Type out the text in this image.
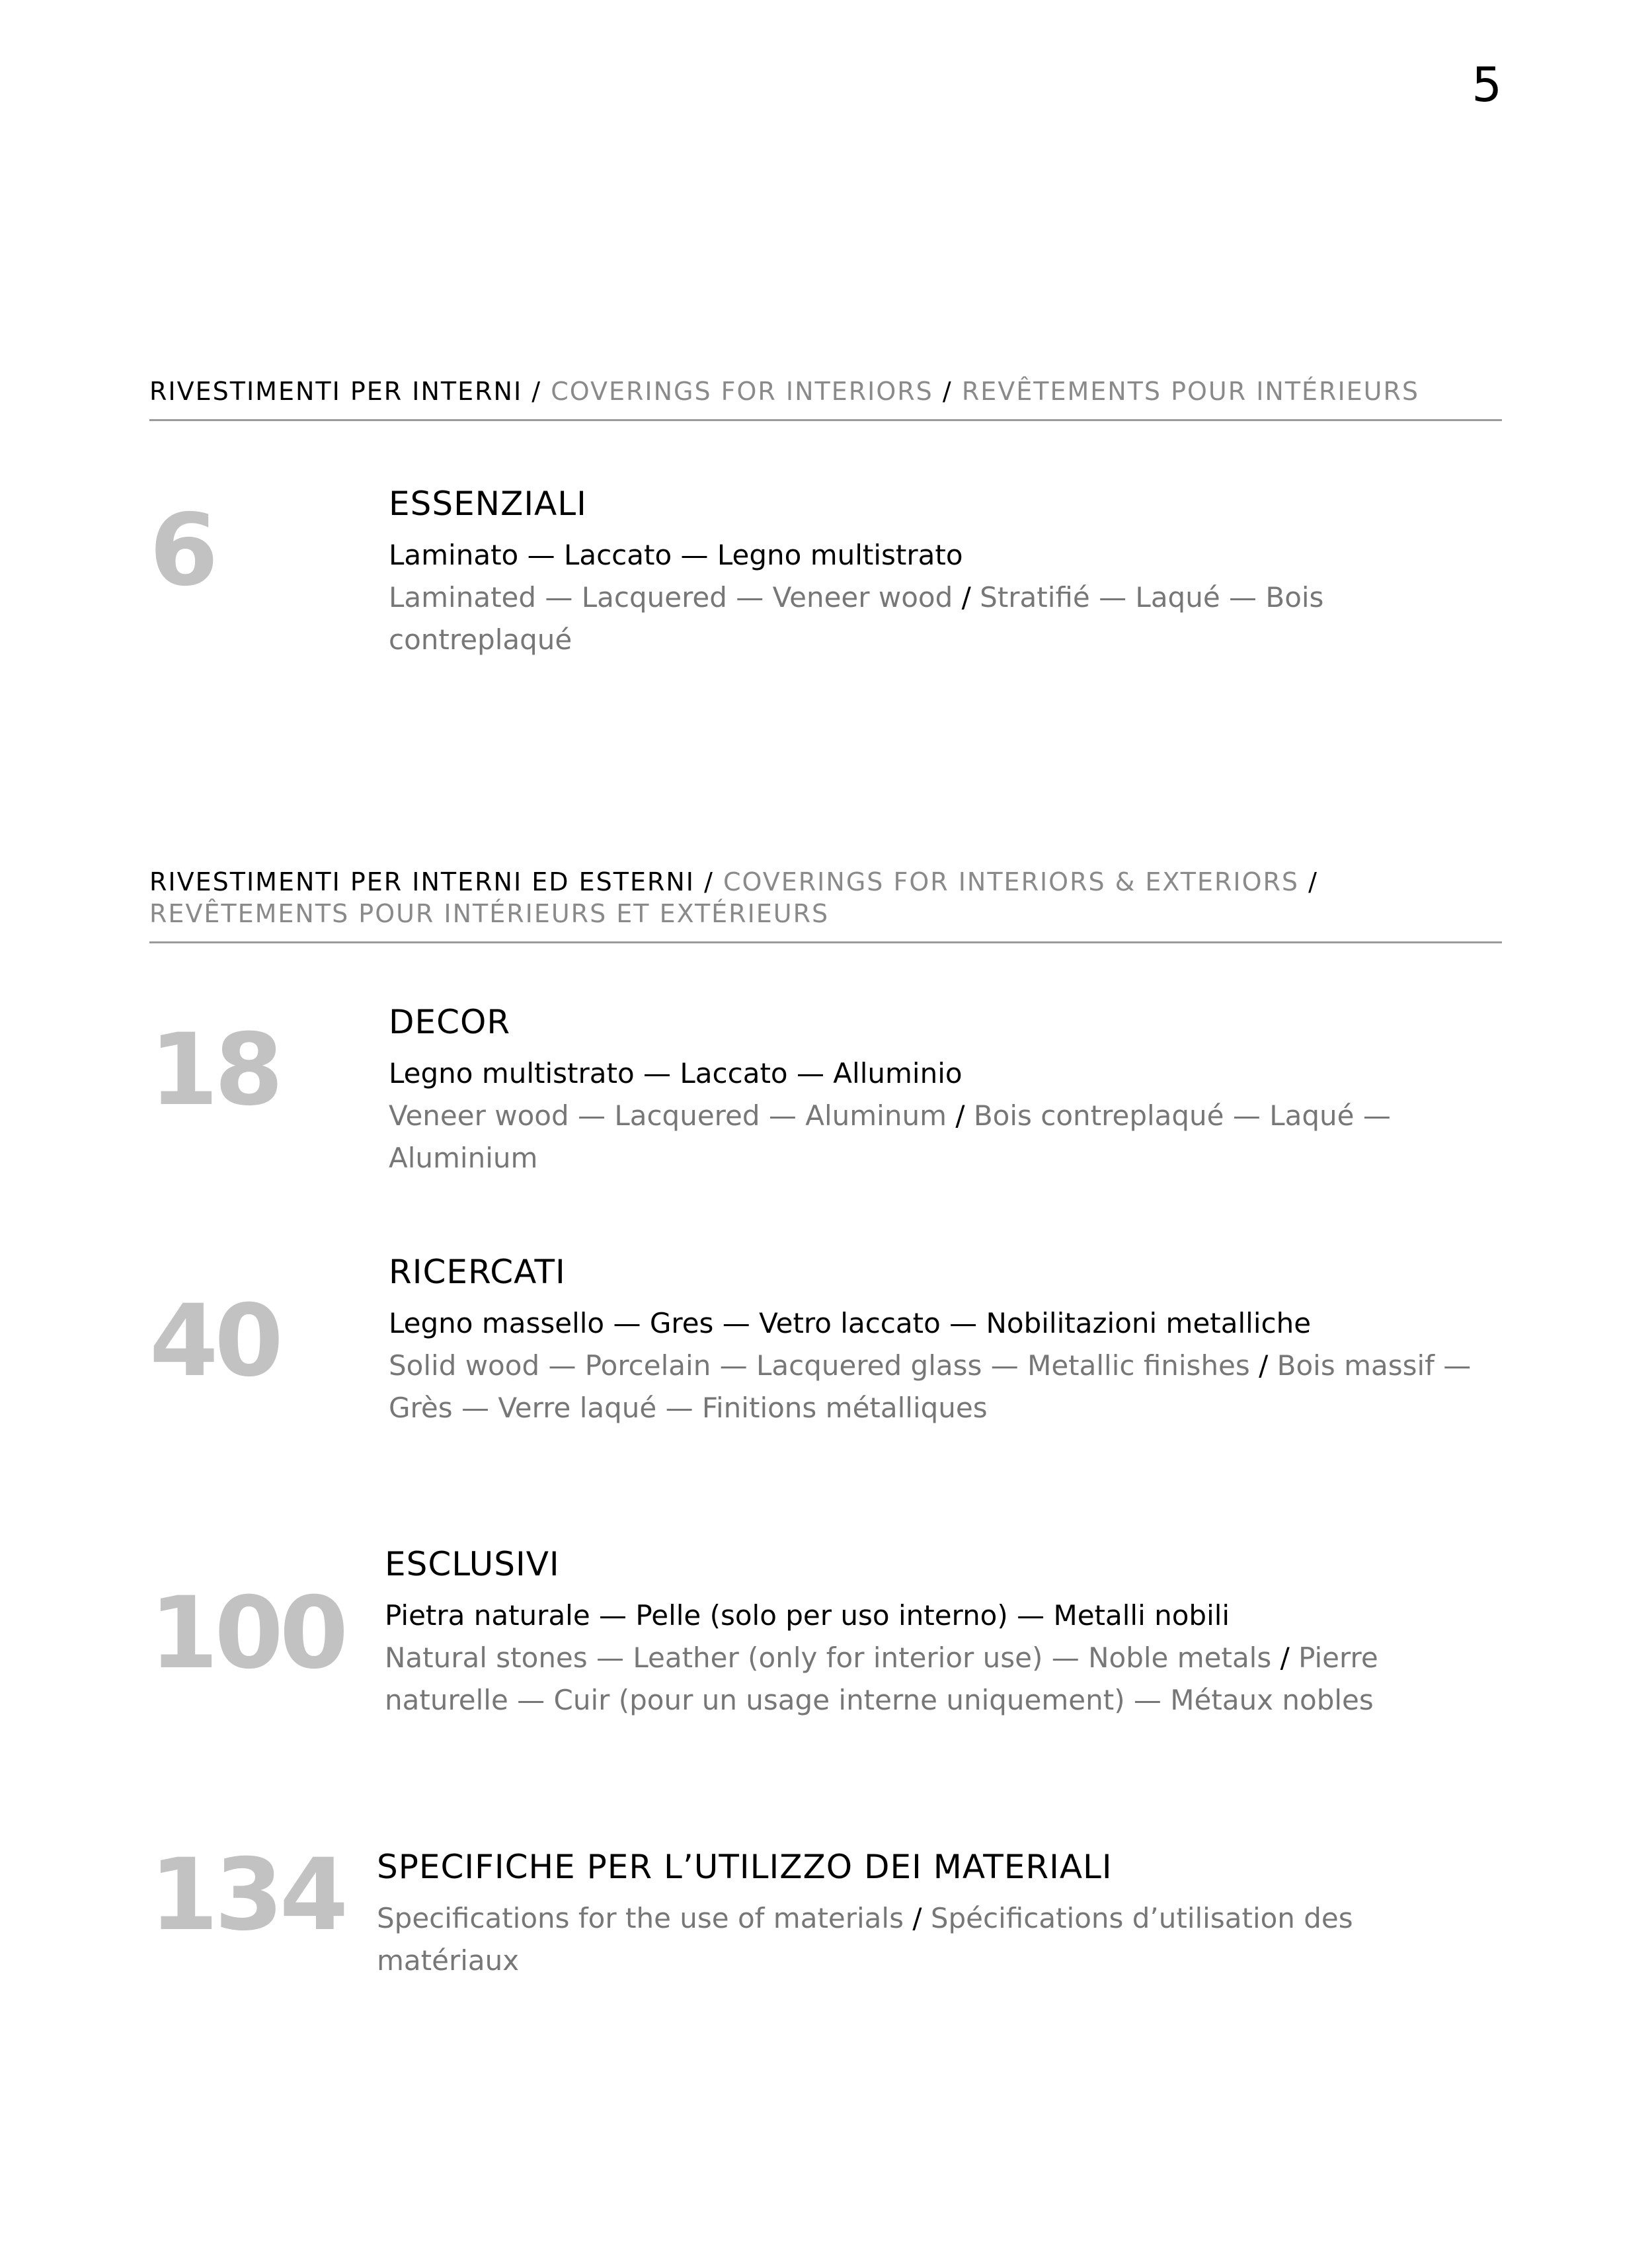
5
RIVESTIMENTI PER INTERNI / COVERINGS FOR INTERIORS / REVÊTEMENTS POUR INTÉRIEURS
6	ESSENZIALI
Laminato — Laccato — Legno multistrato
Laminated — Lacquered — Veneer wood / Stratifié — Laqué — Bois contreplaqué
RIVESTIMENTI PER INTERNI ED ESTERNI / COVERINGS FOR INTERIORS & EXTERIORS / REVÊTEMENTS POUR INTÉRIEURS ET EXTÉRIEURS
18	DECOR
Legno multistrato — Laccato — Alluminio
Veneer wood — Lacquered — Aluminum / Bois contreplaqué — Laqué — Aluminium
40
RICERCATI
Legno massello — Gres — Vetro laccato — Nobilitazioni metalliche
Solid wood — Porcelain — Lacquered glass — Metallic finishes / Bois massif — Grès — Verre laqué — Finitions métalliques
100
ESCLUSIVI
Pietra naturale — Pelle (solo per uso interno) — Metalli nobili
Natural stones — Leather (only for interior use) — Noble metals / Pierre naturelle — Cuir (pour un usage interne uniquement) — Métaux nobles
134 SPECIFICHE PER L’UTILIZZO DEI MATERIALI
Specifications for the use of materials / Spécifications d’utilisation des matériaux
